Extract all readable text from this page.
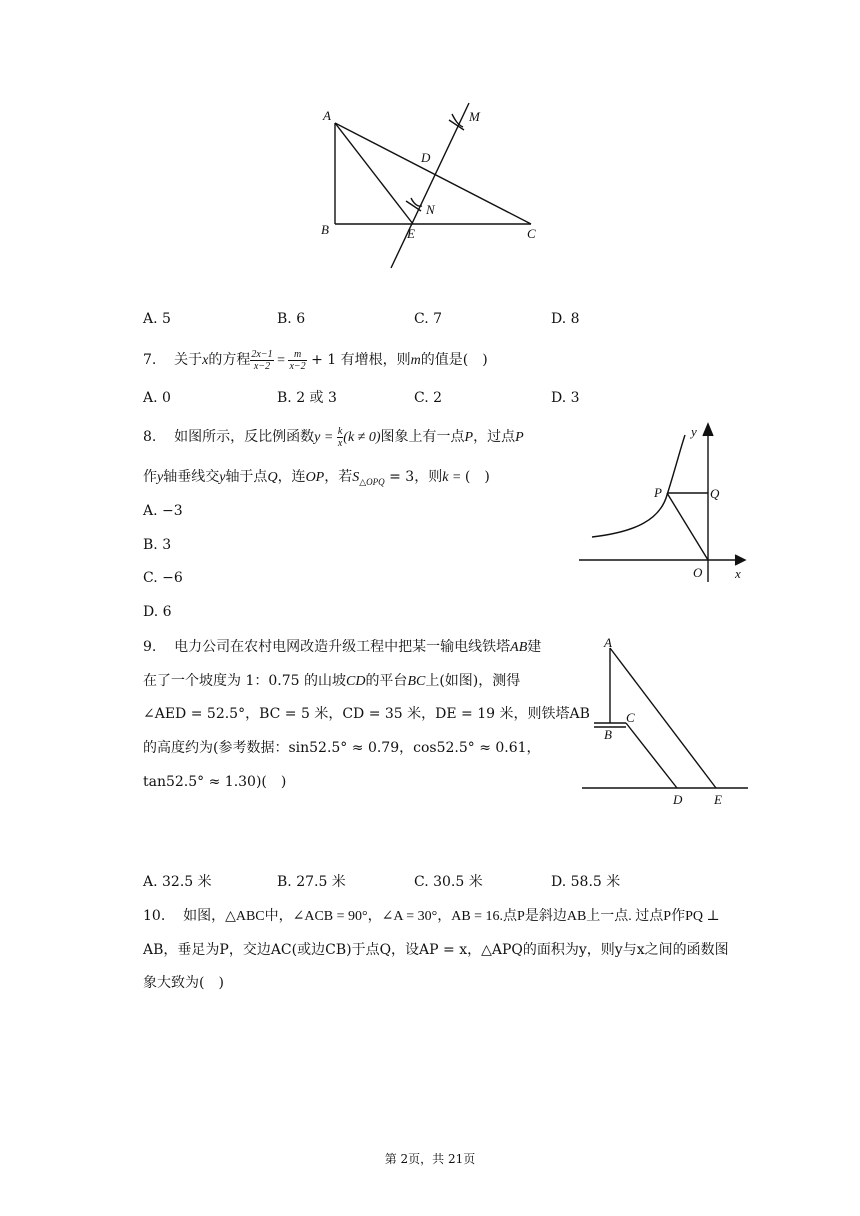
A
B	C
D
E
M
N
A. 5	B. 6	C. 7	D. 8
7. 关于x的方程 $\frac{2x-1}{x-2} = \frac{m}{x-2} + 1$ 有增根，则m的值是(　)
A. 0	B. 2 或 3	C. 2	D. 3
8. 如图所示，反比例函数$y = \frac{k}{x} (k \ne 0)$图象上有一点P，过点P
作y轴垂线交y轴于点Q，连OP，若$S_{\triangle OPQ} = 3$，则k = (　)
A. −3
B. 3
C. −6
D. 6
y
x
P	Q
O
9. 电力公司在农村电网改造升级工程中把某一输电线铁塔AB建
在了一个坡度为 1：0.75 的山坡CD的平台BC上(如图)，测得
∠AED = 52.5°，BC = 5 米，CD = 35 米，DE = 19 米，则铁塔AB
的高度约为(参考数据：sin52.5° ≈ 0.79，cos52.5° ≈ 0.61，
tan52.5° ≈ 1.30)(　)
A
B
C
D E
A. 32.5 米	B. 27.5 米	C. 30.5 米	D. 58.5 米
10. 如图，△ABC中，∠ACB = 90°，∠A = 30°，AB = 16.点P是斜边AB上一点. 过点P作PQ ⊥
AB，垂足为P，交边AC(或边CB)于点Q，设AP = x，△APQ的面积为y，则y与x之间的函数图
象大致为(　)
第 2页，共 21页
